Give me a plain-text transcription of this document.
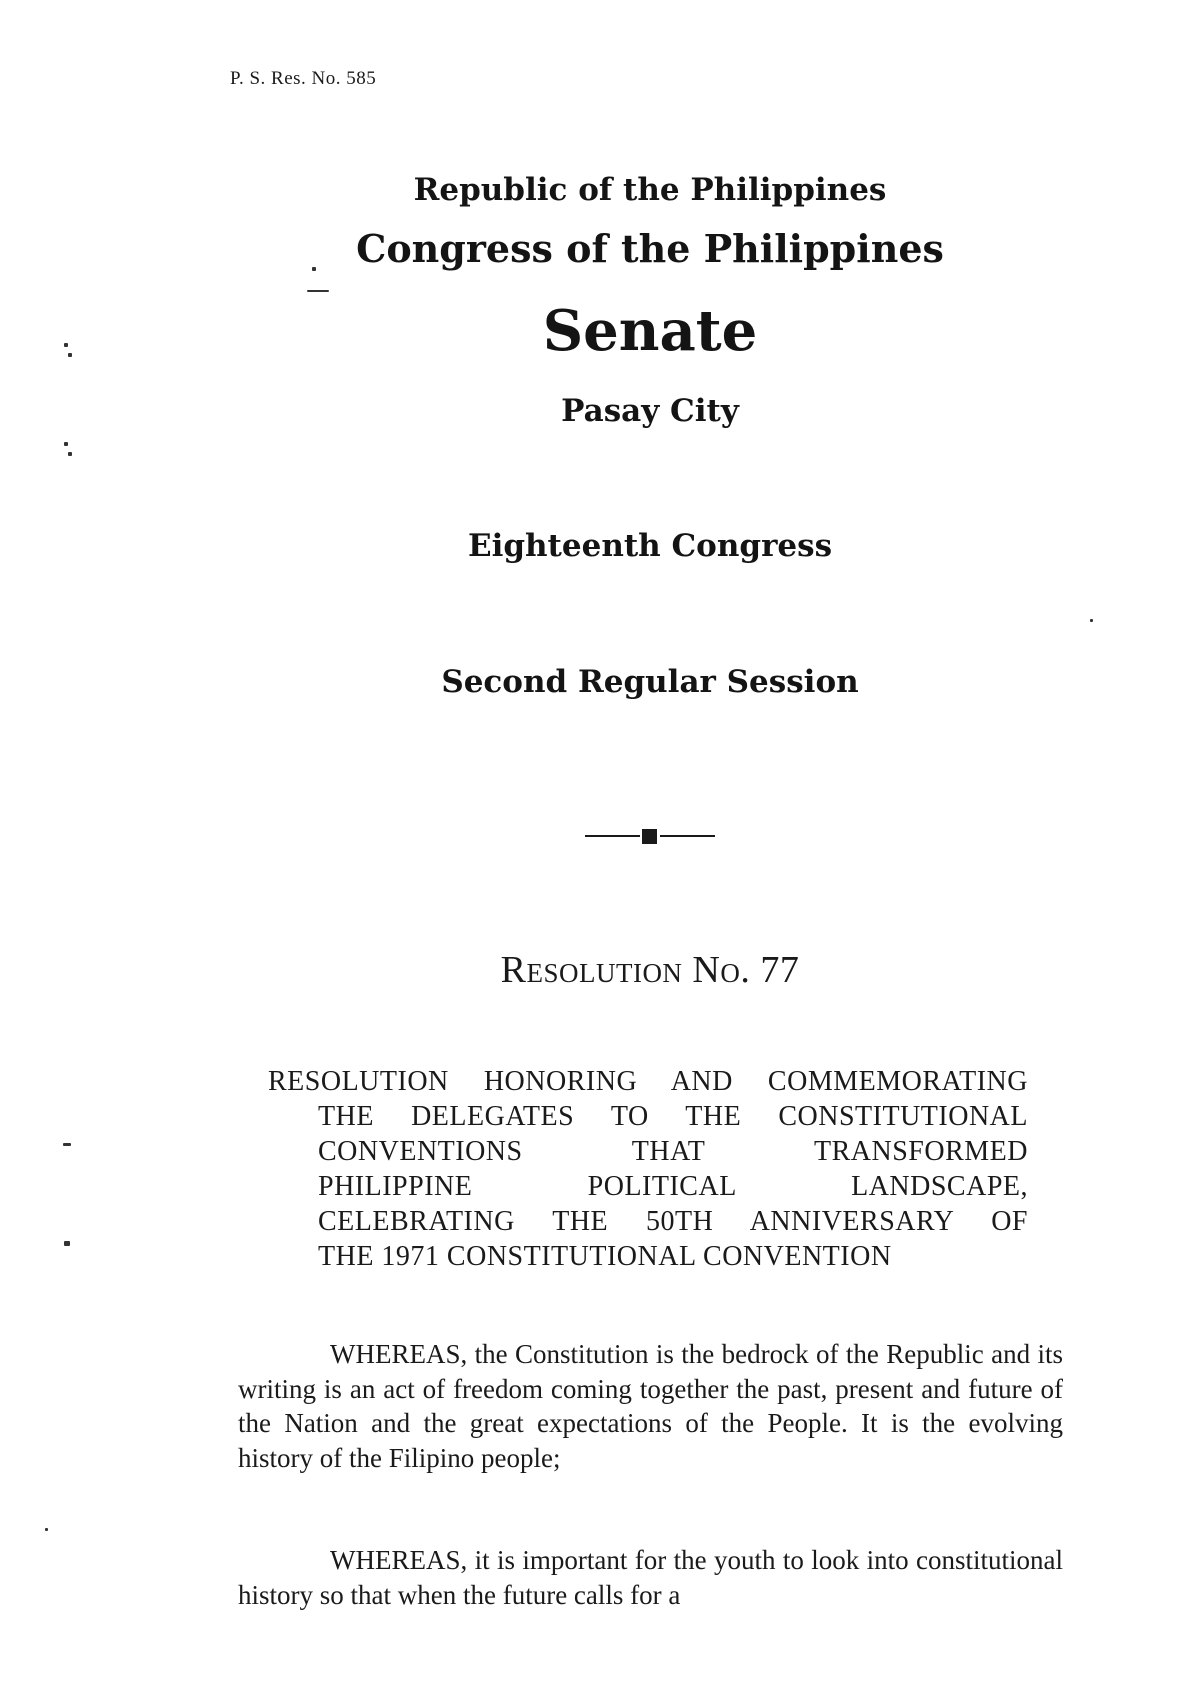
P. S. Res. No. 585
Republic of the Philippines
Congress of the Philippines
Senate
Pasay City
Eighteenth Congress
Second Regular Session
Resolution No. 77
RESOLUTION HONORING AND COMMEMORATING
THE DELEGATES TO THE CONSTITUTIONAL
CONVENTIONS THAT TRANSFORMED
PHILIPPINE POLITICAL LANDSCAPE,
CELEBRATING THE 50TH ANNIVERSARY OF
THE 1971 CONSTITUTIONAL CONVENTION

WHEREAS, the Constitution is the bedrock of the Republic and its writing is an act of freedom coming together the past, present and future of the Nation and the great expectations of the People. It is the evolving history of the Filipino people;

WHEREAS, it is important for the youth to look into constitutional history so that when the future calls for a
